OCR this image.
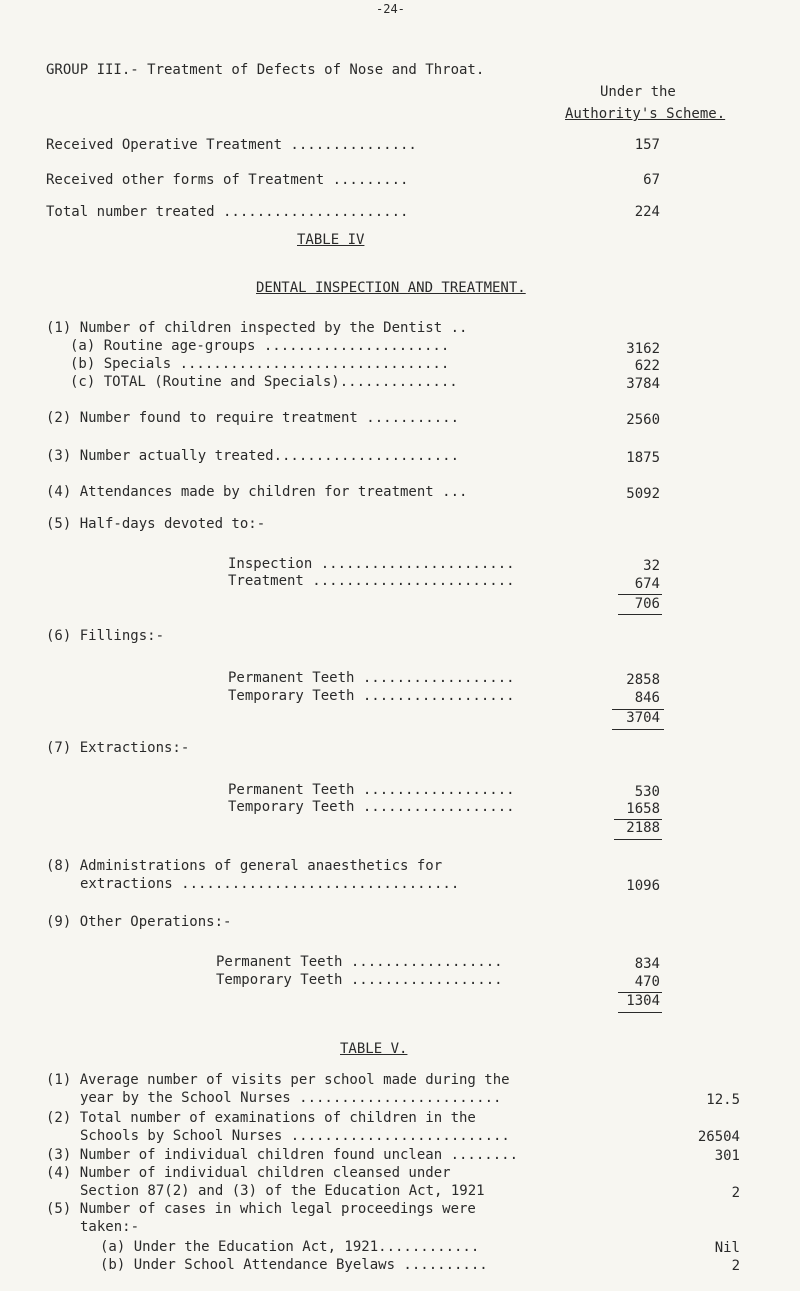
-24-
GROUP III.- Treatment of Defects of Nose and Throat.
Under the
Authority's Scheme.
Received Operative Treatment ...............	157
Received other forms of Treatment .........	67
Total number treated ......................	224
TABLE IV
DENTAL INSPECTION AND TREATMENT.
(1) Number of children inspected by the Dentist ..
(a) Routine age-groups ......................	3162
(b) Specials ................................	622
(c) TOTAL (Routine and Specials)..............	3784
(2) Number found to require treatment ...........	2560
(3) Number actually treated......................	1875
(4) Attendances made by children for treatment ...	5092
(5) Half-days devoted to:-
Inspection .......................	32
Treatment ........................	674
706
(6) Fillings:-
Permanent Teeth ..................	2858
Temporary Teeth ..................	846
3704
(7) Extractions:-
Permanent Teeth ..................	530
Temporary Teeth ..................	1658
2188
(8) Administrations of general anaesthetics for
extractions .................................	1096
(9) Other Operations:-
Permanent Teeth ..................	834
Temporary Teeth ..................	470
1304
TABLE V.
(1) Average number of visits per school made during the
year by the School Nurses ........................	12.5
(2) Total number of examinations of children in the
Schools by School Nurses ..........................	26504
(3) Number of individual children found unclean ........	301
(4) Number of individual children cleansed under
Section 87(2) and (3) of the Education Act, 1921	2
(5) Number of cases in which legal proceedings were
taken:-
(a) Under the Education Act, 1921............	Nil
(b) Under School Attendance Byelaws ..........	2
